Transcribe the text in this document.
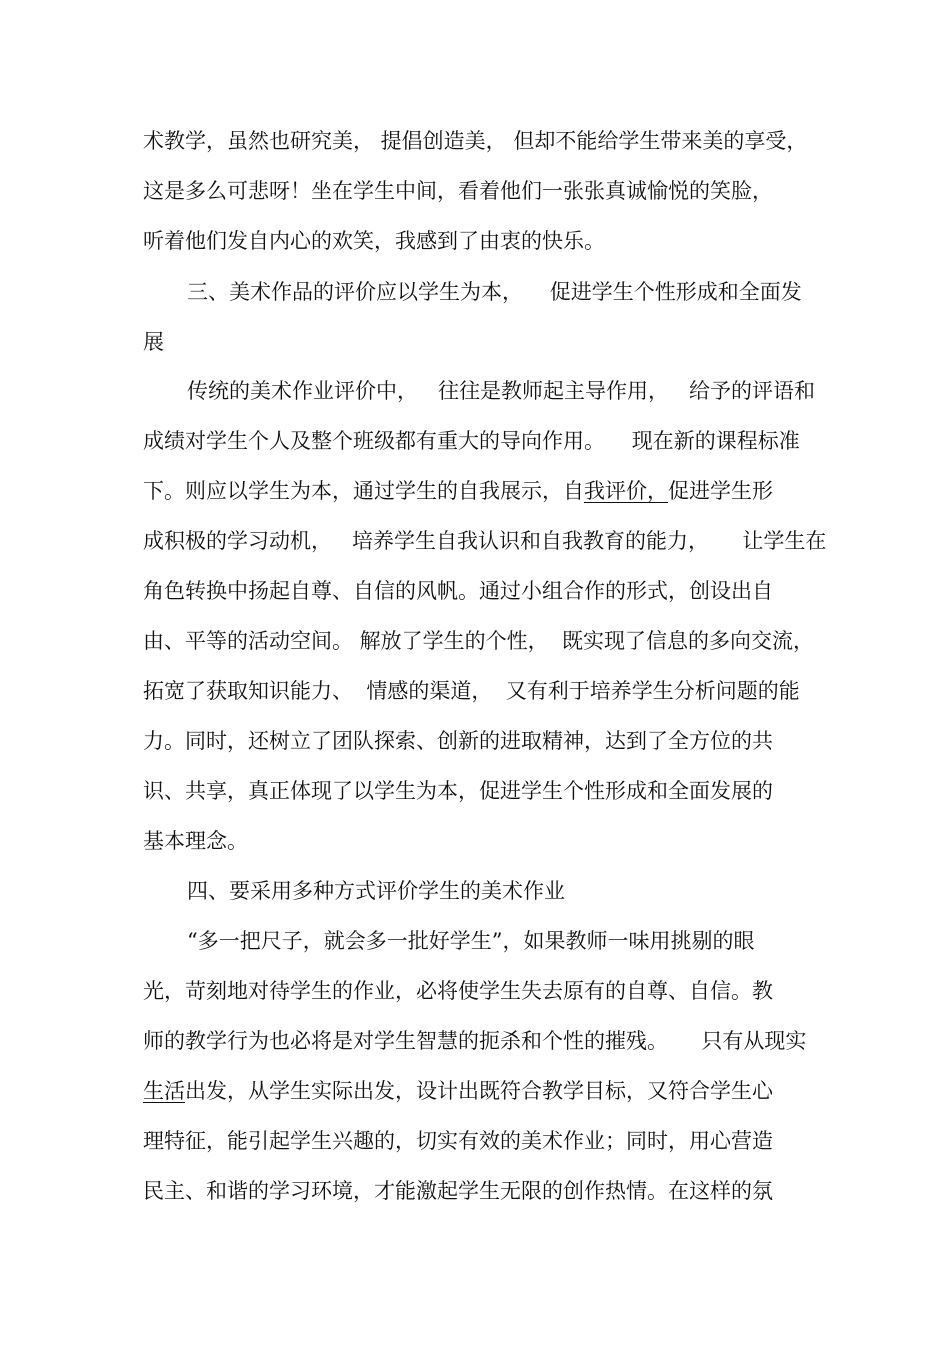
术教学，虽然也研究美， 提倡创造美， 但却不能给学生带来美的享受，
这是多么可悲呀！坐在学生中间，看着他们一张张真诚愉悦的笑脸，
听着他们发自内心的欢笑，我感到了由衷的快乐。
三、美术作品的评价应以学生为本，    促进学生个性形成和全面发
展
传统的美术作业评价中，   往往是教师起主导作用，   给予的评语和
成绩对学生个人及整个班级都有重大的导向作用。    现在新的课程标准
下。则应以学生为本，通过学生的自我展示，自我评价，促进学生形
成积极的学习动机，   培养学生自我认识和自我教育的能力，     让学生在
角色转换中扬起自尊、自信的风帆。通过小组合作的形式，创设出自
由、平等的活动空间。 解放了学生的个性，  既实现了信息的多向交流，
拓宽了获取知识能力、  情感的渠道，  又有利于培养学生分析问题的能
力。同时，还树立了团队探索、创新的进取精神，达到了全方位的共
识、共享，真正体现了以学生为本，促进学生个性形成和全面发展的
基本理念。
四、要采用多种方式评价学生的美术作业
“多一把尺子，就会多一批好学生”，如果教师一味用挑剔的眼
光，苛刻地对待学生的作业，必将使学生失去原有的自尊、自信。教
师的教学行为也必将是对学生智慧的扼杀和个性的摧残。     只有从现实
生活出发，从学生实际出发，设计出既符合教学目标，又符合学生心
理特征，能引起学生兴趣的，切实有效的美术作业；同时，用心营造
民主、和谐的学习环境，才能激起学生无限的创作热情。在这样的氛
